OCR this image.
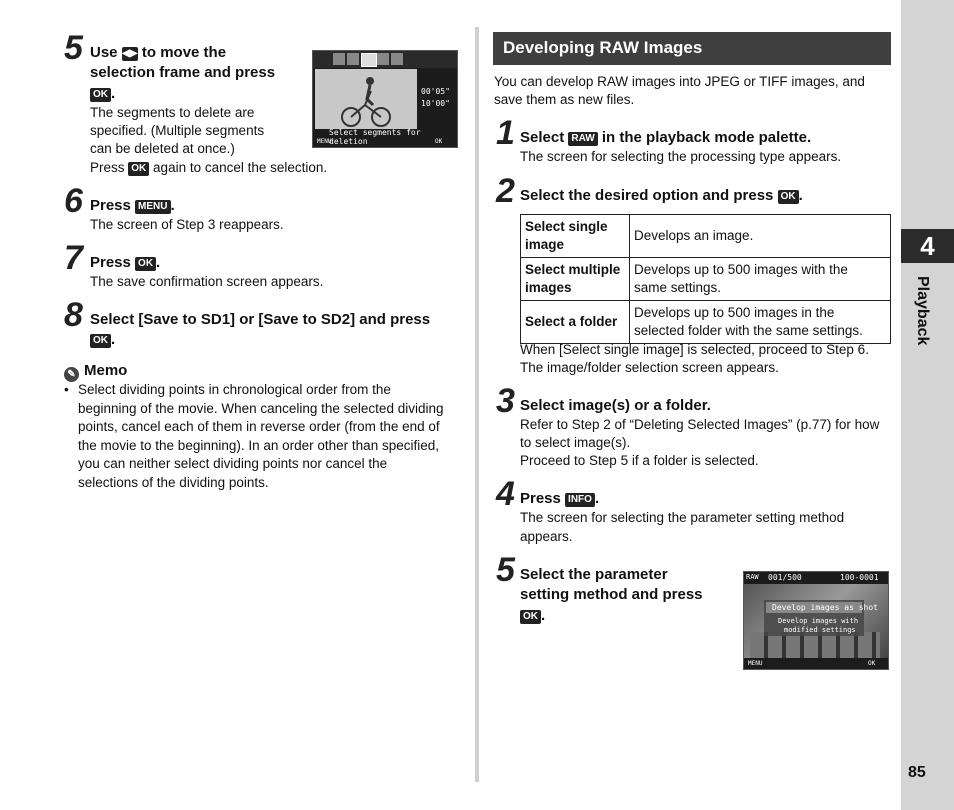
5 Use ◀▶ to move the
selection frame and press
OK .
The segments to delete are
specified. (Multiple segments
can be deleted at once.)
Press OK again to cancel the selection.
00'05"
10'00"
Select segments for deletion
MENU	OK
6 Press MENU .
The screen of Step 3 reappears.
7 Press OK .
The save confirmation screen appears.
8 Select [Save to SD1] or [Save to SD2] and press
OK .
✎ Memo
• Select dividing points in chronological order from the
beginning of the movie. When canceling the selected dividing
points, cancel each of them in reverse order (from the end of
the movie to the beginning). In an order other than specified,
you can neither select dividing points nor cancel the
selections of the dividing points.
Developing RAW Images
You can develop RAW images into JPEG or TIFF images, and
save them as new files.
1 Select RAW in the playback mode palette.
The screen for selecting the processing type appears.
2 Select the desired option and press OK .
Select single
image	Develops an image.
Select multiple
images	Develops up to 500 images with the
same settings.
Select a folder	Develops up to 500 images in the
selected folder with the same settings.
When [Select single image] is selected, proceed to Step 6.
The image/folder selection screen appears.
3 Select image(s) or a folder.
Refer to Step 2 of “Deleting Selected Images” (p.77) for how
to select image(s).
Proceed to Step 5 if a folder is selected.
4 Press INFO .
The screen for selecting the parameter setting method
appears.
5 Select the parameter
setting method and press
OK .
RAW 001/500	100-0001
Develop images as shot
Develop images with
modified settings
MENU	OK
4
Playback
85
